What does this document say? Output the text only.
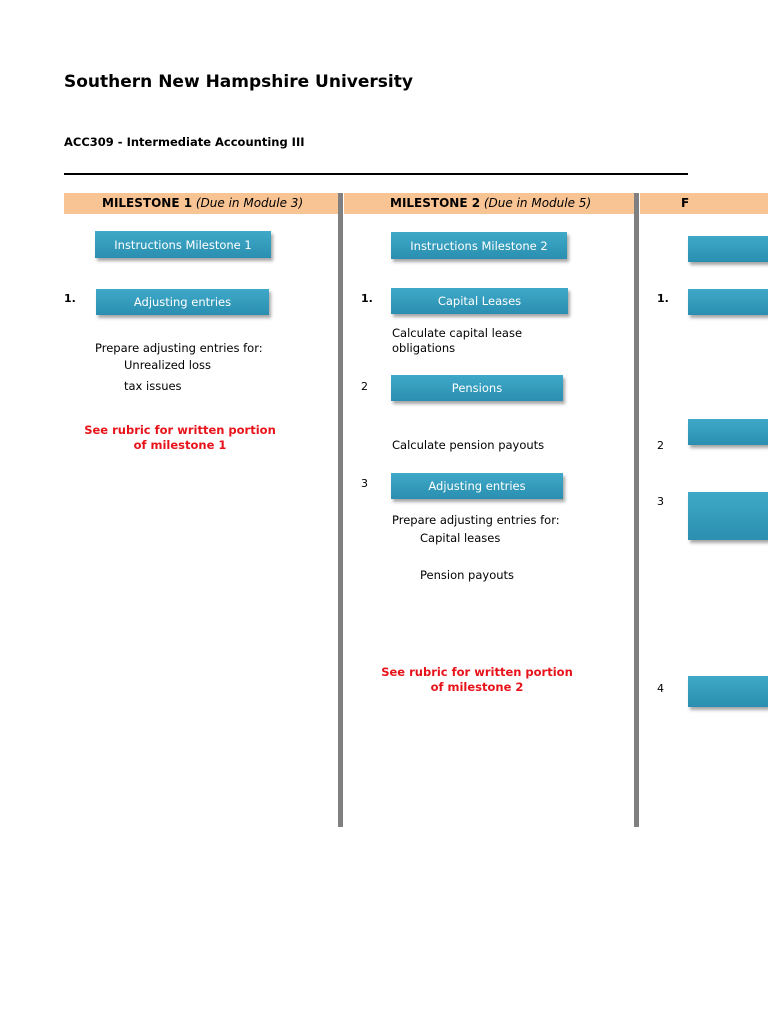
Southern New Hampshire University
ACC309 - Intermediate Accounting III
MILESTONE 1 (Due in Module 3)	MILESTONE 2 (Due in Module 5)	F
Instructions Milestone 1
1.	Adjusting entries
Prepare adjusting entries for:
Unrealized loss
tax issues
See rubric for written portion
of milestone 1
Instructions Milestone 2
1.	Capital Leases
Calculate capital lease
obligations
2	Pensions
Calculate pension payouts
3	Adjusting entries
Prepare adjusting entries for:
Capital leases
Pension payouts
See rubric for written portion
of milestone 2
1.
2
3
4
